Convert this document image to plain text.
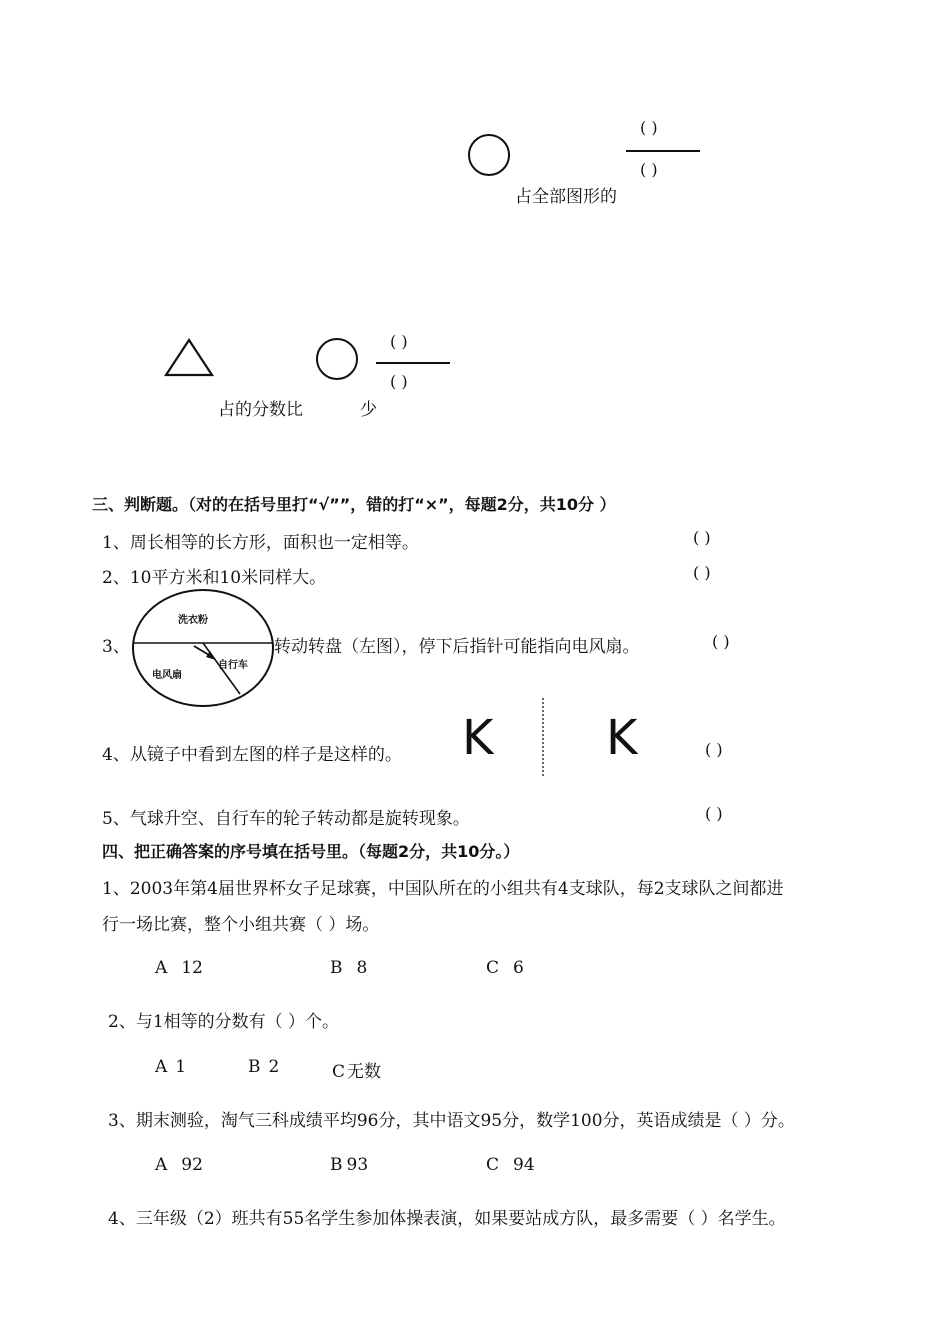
( )
( )
占全部图形的
( )
( )
占的分数比	少
三、判断题。（对的在括号里打“√””，错的打“×”，每题2分，共10分 ）
1、周长相等的长方形，面积也一定相等。	( )
2、10平方米和10米同样大。	( )
3、
洗衣粉
电风扇
自行车
转动转盘（左图），停下后指针可能指向电风扇。	( )
4、从镜子中看到左图的样子是这样的。 K K	( )
5、气球升空、自行车的轮子转动都是旋转现象。	( )
四、把正确答案的序号填在括号里。（每题2分，共10分。）
1、2003年第4届世界杯女子足球赛，中国队所在的小组共有4支球队，每2支球队之间都进
行一场比赛，整个小组共赛（ ）场。
A 12	B 8	C 6
2、与1相等的分数有（ ）个。
A 1	B 2	C 无数
3、期末测验，淘气三科成绩平均96分，其中语文95分，数学100分，英语成绩是（ ）分。
A 92	B 93	C 94
4、三年级（2）班共有55名学生参加体操表演，如果要站成方队，最多需要（ ）名学生。
